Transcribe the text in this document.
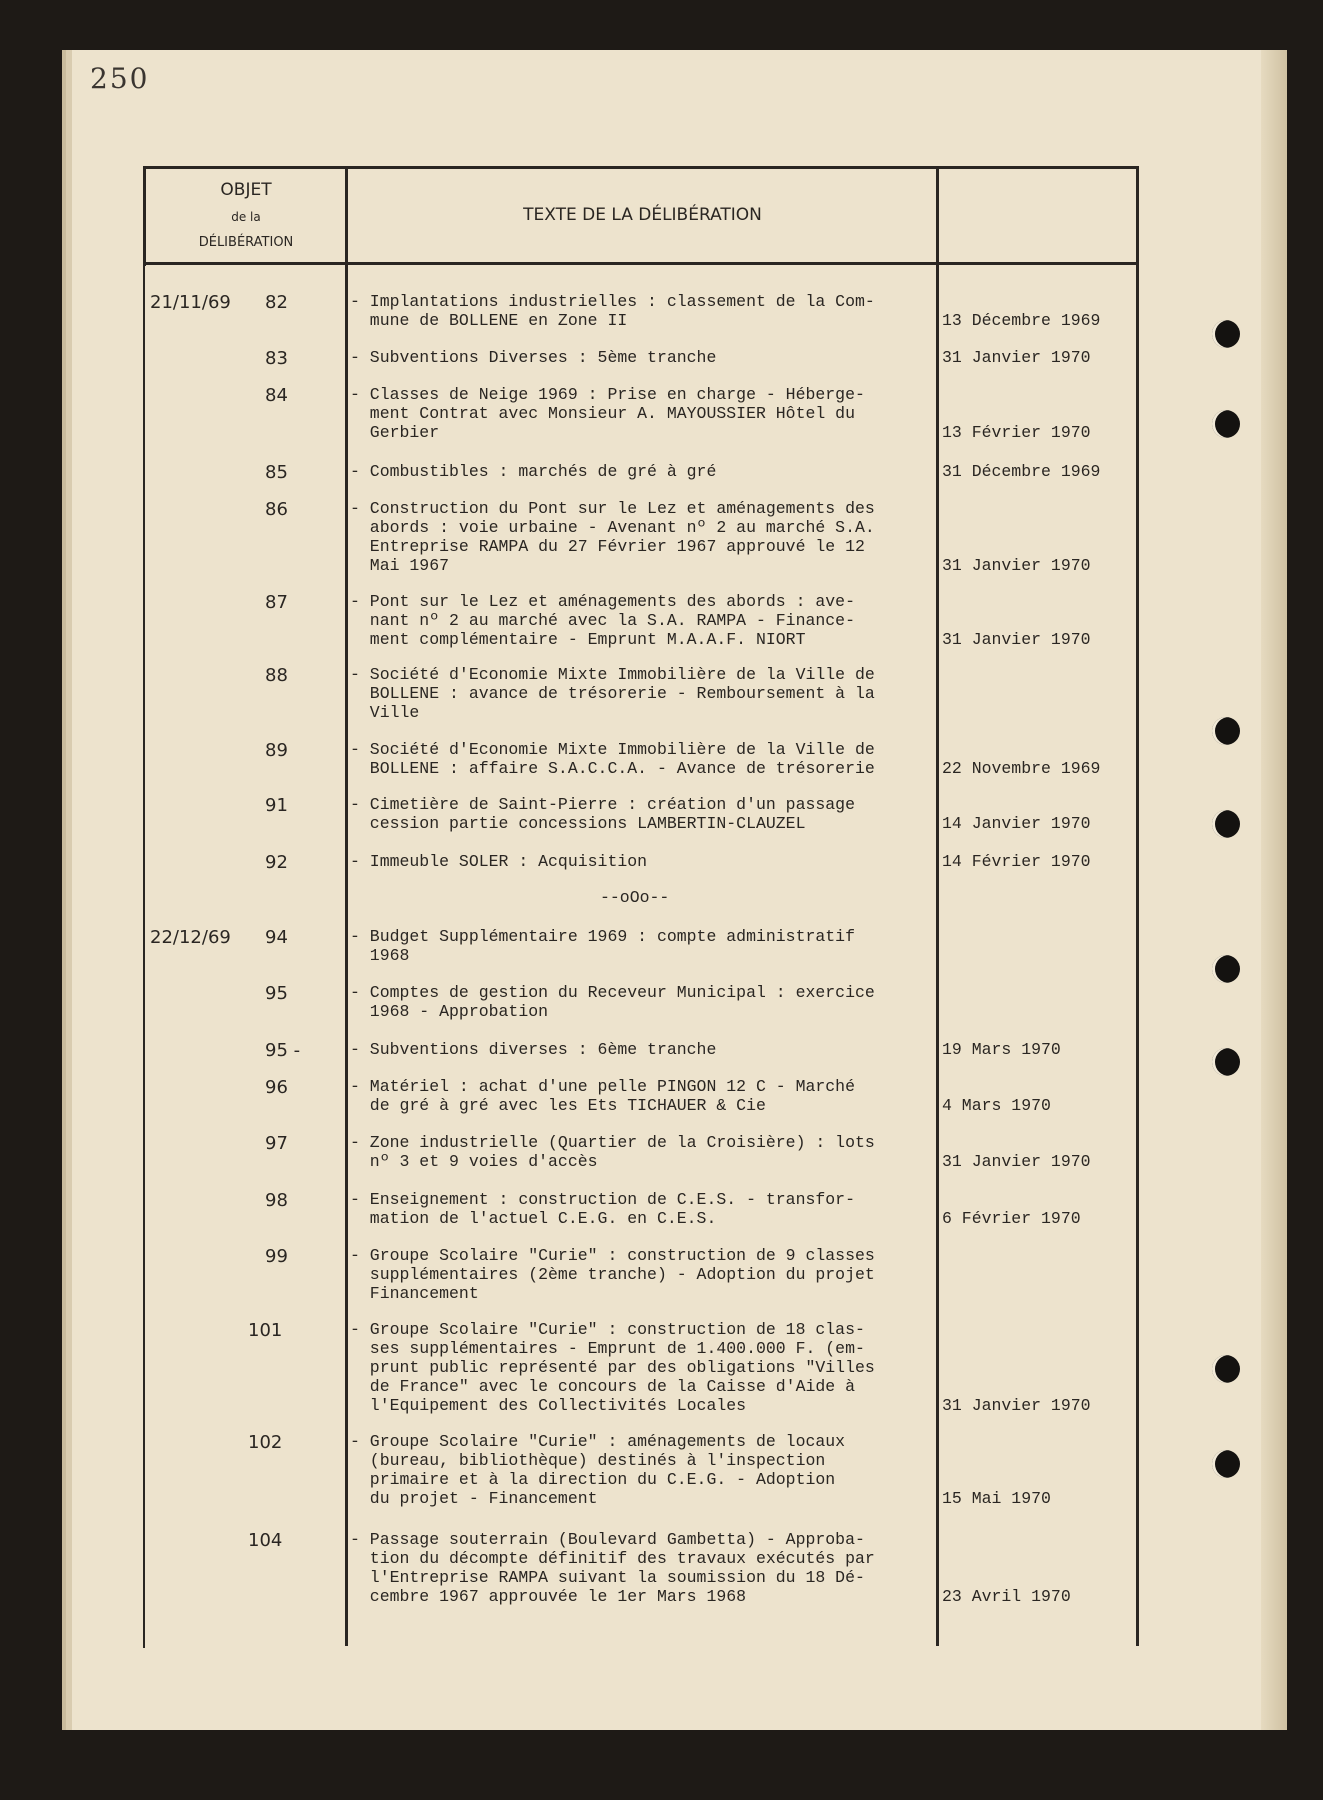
250
OBJET
de la
DÉLIBÉRATION
TEXTE DE LA DÉLIBÉRATION
21/11/69	82	- Implantations industrielles : classement de la Com-
mune de BOLLENE en Zone II	13 Décembre 1969
83	- Subventions Diverses : 5ème tranche	31 Janvier 1970
84	- Classes de Neige 1969 : Prise en charge - Héberge-
ment Contrat avec Monsieur A. MAYOUSSIER Hôtel du
Gerbier	13 Février 1970
85	- Combustibles : marchés de gré à gré	31 Décembre 1969
86	- Construction du Pont sur le Lez et aménagements des
abords : voie urbaine - Avenant nº 2 au marché S.A.
Entreprise RAMPA du 27 Février 1967 approuvé le 12
Mai 1967	31 Janvier 1970
87	- Pont sur le Lez et aménagements des abords : ave-
nant nº 2 au marché avec la S.A. RAMPA - Finance-
ment complémentaire - Emprunt M.A.A.F. NIORT	31 Janvier 1970
88	- Société d'Economie Mixte Immobilière de la Ville de
BOLLENE : avance de trésorerie - Remboursement à la
Ville
89	- Société d'Economie Mixte Immobilière de la Ville de
BOLLENE : affaire S.A.C.C.A. - Avance de trésorerie	22 Novembre 1969
91	- Cimetière de Saint-Pierre : création d'un passage
cession partie concessions LAMBERTIN-CLAUZEL	14 Janvier 1970
92	- Immeuble SOLER : Acquisition	14 Février 1970
22/12/69	94	- Budget Supplémentaire 1969 : compte administratif
1968
95	- Comptes de gestion du Receveur Municipal : exercice
1968 - Approbation
95 -	- Subventions diverses : 6ème tranche	19 Mars 1970
96	- Matériel : achat d'une pelle PINGON 12 C - Marché
de gré à gré avec les Ets TICHAUER & Cie	4 Mars 1970
97	- Zone industrielle (Quartier de la Croisière) : lots
nº 3 et 9 voies d'accès	31 Janvier 1970
98	- Enseignement : construction de C.E.S. - transfor-
mation de l'actuel C.E.G. en C.E.S.	6 Février 1970
99	- Groupe Scolaire "Curie" : construction de 9 classes
supplémentaires (2ème tranche) - Adoption du projet
Financement
101	- Groupe Scolaire "Curie" : construction de 18 clas-
ses supplémentaires - Emprunt de 1.400.000 F. (em-
prunt public représenté par des obligations "Villes
de France" avec le concours de la Caisse d'Aide à
l'Equipement des Collectivités Locales	31 Janvier 1970
102	- Groupe Scolaire "Curie" : aménagements de locaux
(bureau, bibliothèque) destinés à l'inspection
primaire et à la direction du C.E.G. - Adoption
du projet - Financement	15 Mai 1970
104	- Passage souterrain (Boulevard Gambetta) - Approba-
tion du décompte définitif des travaux exécutés par
l'Entreprise RAMPA suivant la soumission du 18 Dé-
cembre 1967 approuvée le 1er Mars 1968	23 Avril 1970
--oOo--
